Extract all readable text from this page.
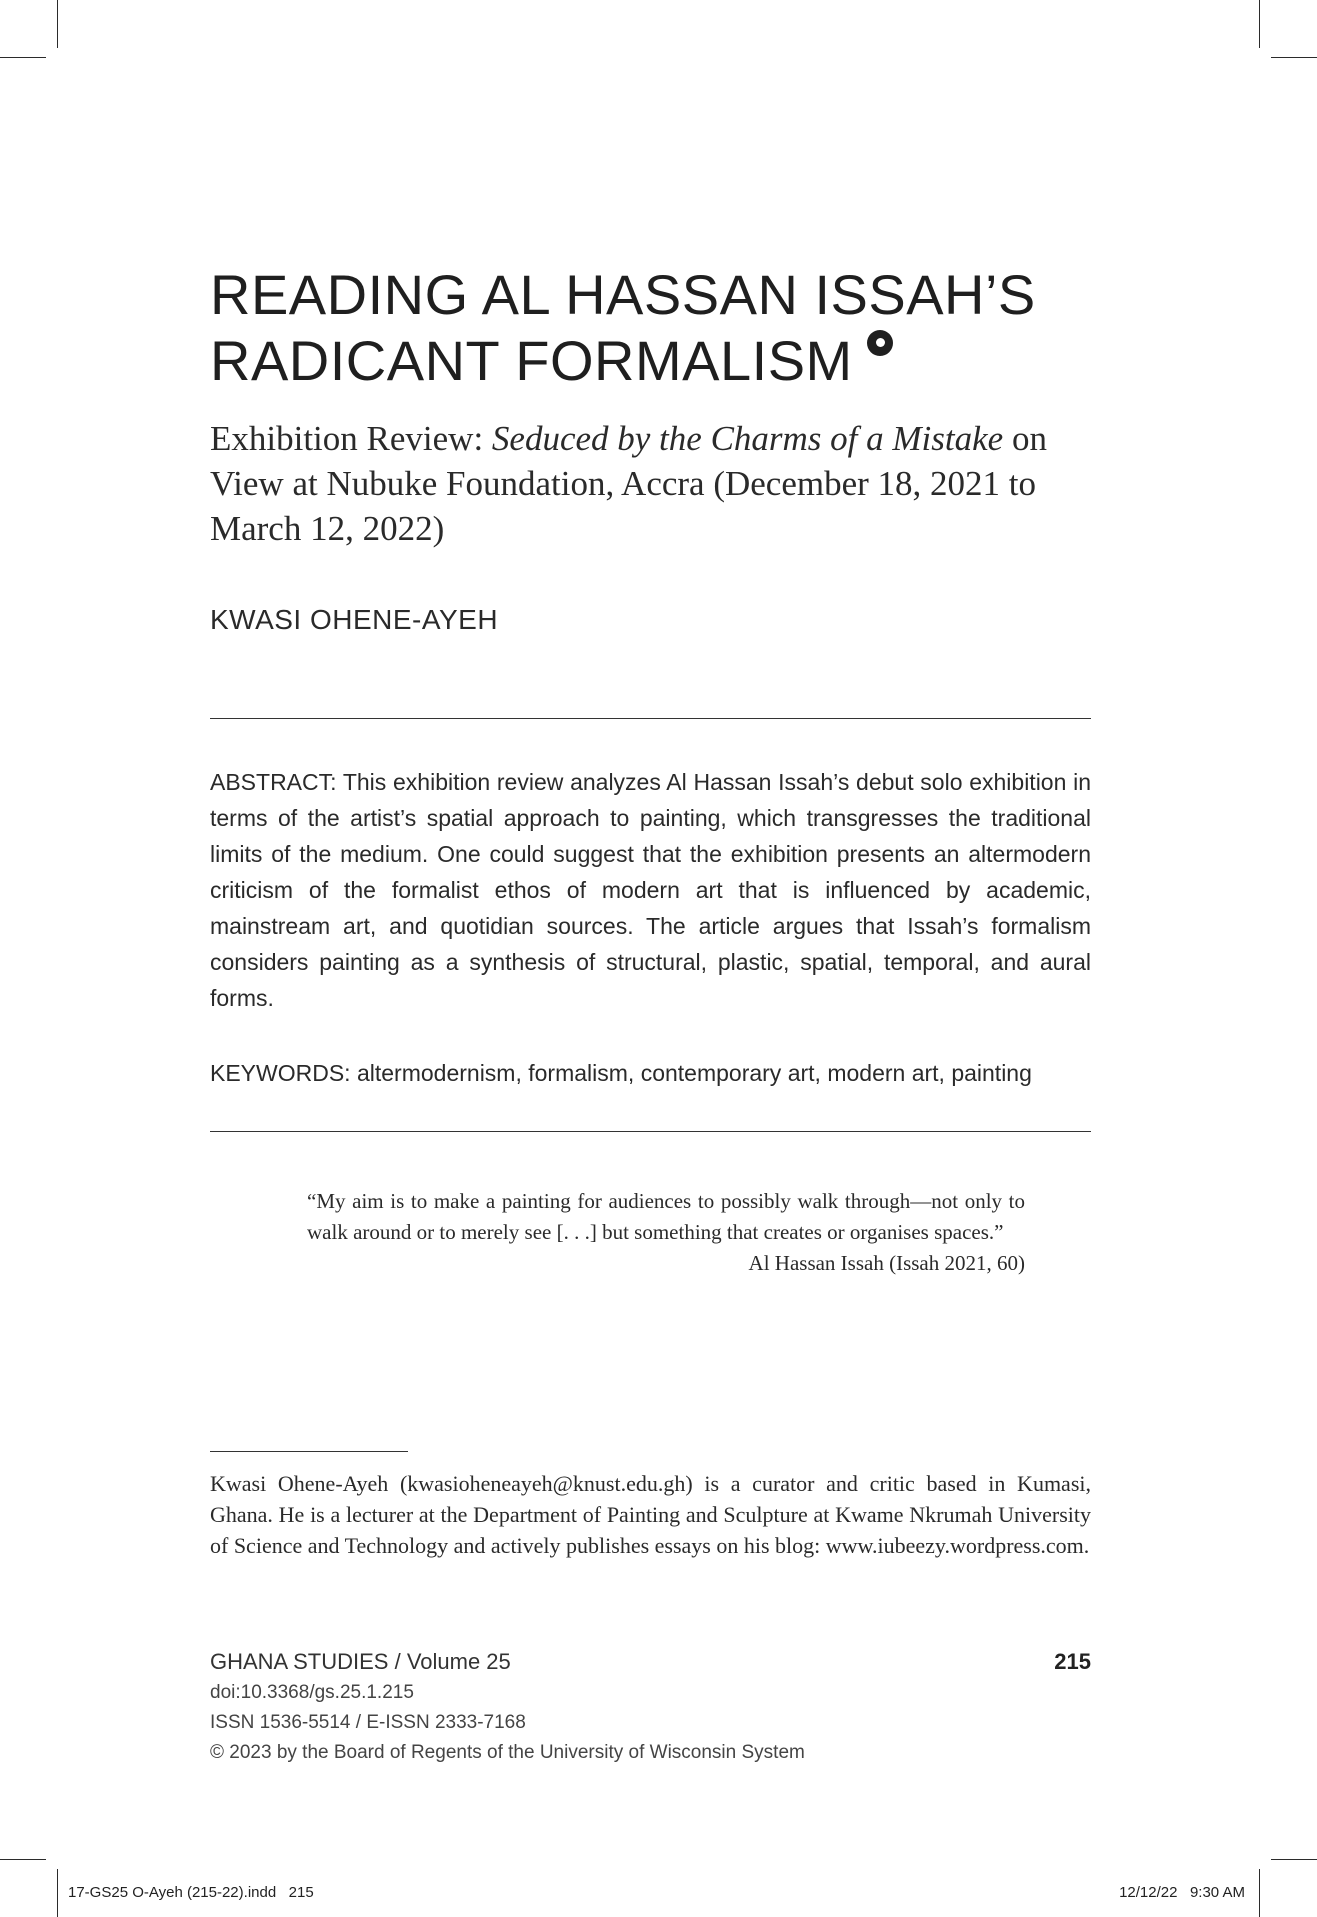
READING AL HASSAN ISSAH’S
RADICANT FORMALISM

Exhibition Review: Seduced by the Charms of a Mistake on View at Nubuke Foundation, Accra (December 18, 2021 to March 12, 2022)

KWASI OHENE-AYEH

ABSTRACT: This exhibition review analyzes Al Hassan Issah’s debut solo exhibition in terms of the artist’s spatial approach to painting, which transgresses the traditional limits of the medium. One could suggest that the exhibition presents an altermodern criticism of the formalist ethos of modern art that is influenced by academic, mainstream art, and quotidian sources. The article argues that Issah’s formalism considers painting as a synthesis of structural, plastic, spatial, temporal, and aural forms.

KEYWORDS: altermodernism, formalism, contemporary art, modern art, painting

“My aim is to make a painting for audiences to possibly walk through—not only to walk around or to merely see [. . .] but something that creates or organises spaces.”

Al Hassan Issah (Issah 2021, 60)

Kwasi Ohene-Ayeh (kwasioheneayeh@knust.edu.gh) is a curator and critic based in Kumasi, Ghana. He is a lecturer at the Department of Painting and Sculpture at Kwame Nkrumah University of Science and Technology and actively publishes essays on his blog: www.iubeezy.wordpress.com.

GHANA STUDIES / Volume 25	215
doi:10.3368/gs.25.1.215
ISSN 1536-5514 / E-ISSN 2333-7168
© 2023 by the Board of Regents of the University of Wisconsin System
17-GS25 O-Ayeh (215-22).indd   215	12/12/22   9:30 AM
